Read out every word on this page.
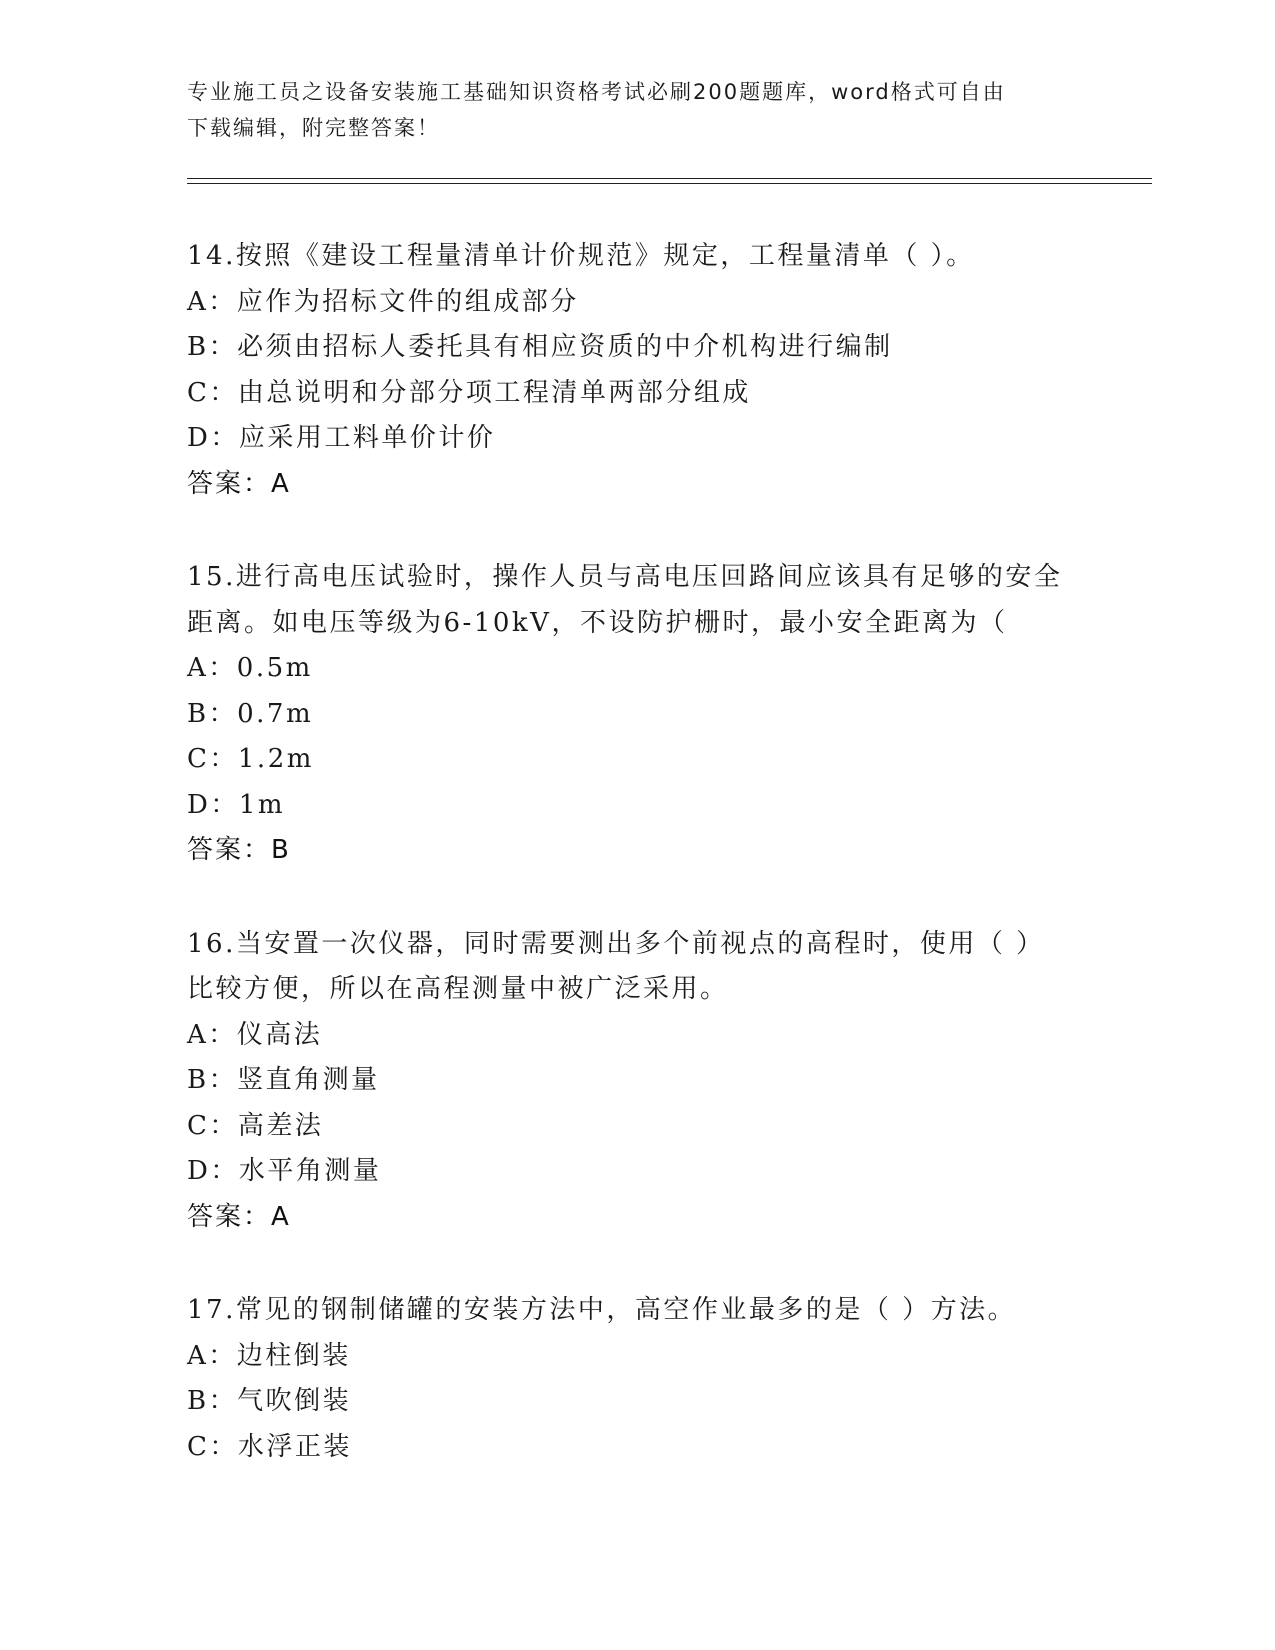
专业施工员之设备安装施工基础知识资格考试必刷200题题库，word格式可自由
下载编辑，附完整答案！
14.按照《建设工程量清单计价规范》规定，工程量清单（ ）。
A：应作为招标文件的组成部分
B：必须由招标人委托具有相应资质的中介机构进行编制
C：由总说明和分部分项工程清单两部分组成
D：应采用工料单价计价
答案：A
15.进行高电压试验时，操作人员与高电压回路间应该具有足够的安全
距离。如电压等级为6-10kV，不设防护栅时，最小安全距离为（
A：0.5m
B：0.7m
C：1.2m
D：1m
答案：B
16.当安置一次仪器，同时需要测出多个前视点的高程时，使用（ ）
比较方便，所以在高程测量中被广泛采用。
A：仪高法
B：竖直角测量
C：高差法
D：水平角测量
答案：A
17.常见的钢制储罐的安装方法中，高空作业最多的是（ ）方法。
A：边柱倒装
B：气吹倒装
C：水浮正装
